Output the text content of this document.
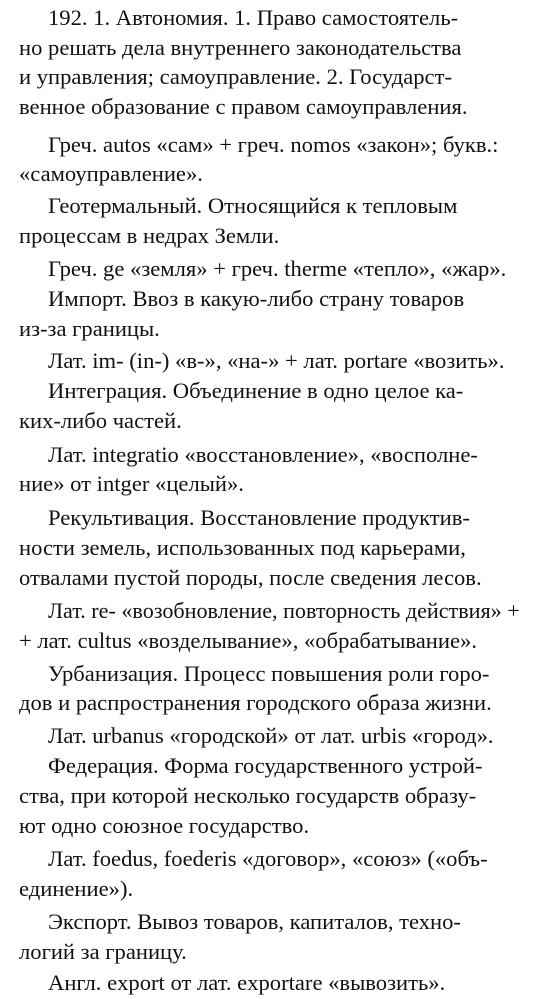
192. 1. Автономия. 1. Право самостоятель-
но решать дела внутреннего законодательства
и управления; самоуправление. 2. Государст-
венное образование с правом самоуправления.
Греч. autos «сам» + греч. nomos «закон»; букв.:
«самоуправление».
Геотермальный. Относящийся к тепловым
процессам в недрах Земли.
Греч. ge «земля» + греч. therme «тепло», «жар».
Импорт. Ввоз в какую-либо страну товаров
из-за границы.
Лат. im- (in-) «в-», «на-» + лат. portare «возить».
Интеграция. Объединение в одно целое ка-
ких-либо частей.
Лат. integratio «восстановление», «восполне-
ние» от intger «целый».
Рекультивация. Восстановление продуктив-
ности земель, использованных под карьерами,
отвалами пустой породы, после сведения лесов.
Лат. re- «возобновление, повторность действия» +
+ лат. cultus «возделывание», «обрабатывание».
Урбанизация. Процесс повышения роли горо-
дов и распространения городского образа жизни.
Лат. urbanus «городской» от лат. urbis «город».
Федерация. Форма государственного устрой-
ства, при которой несколько государств образу-
ют одно союзное государство.
Лат. foedus, foederis «договор», «союз» («объ-
единение»).
Экспорт. Вывоз товаров, капиталов, техно-
логий за границу.
Англ. export от лат. exportare «вывозить».
